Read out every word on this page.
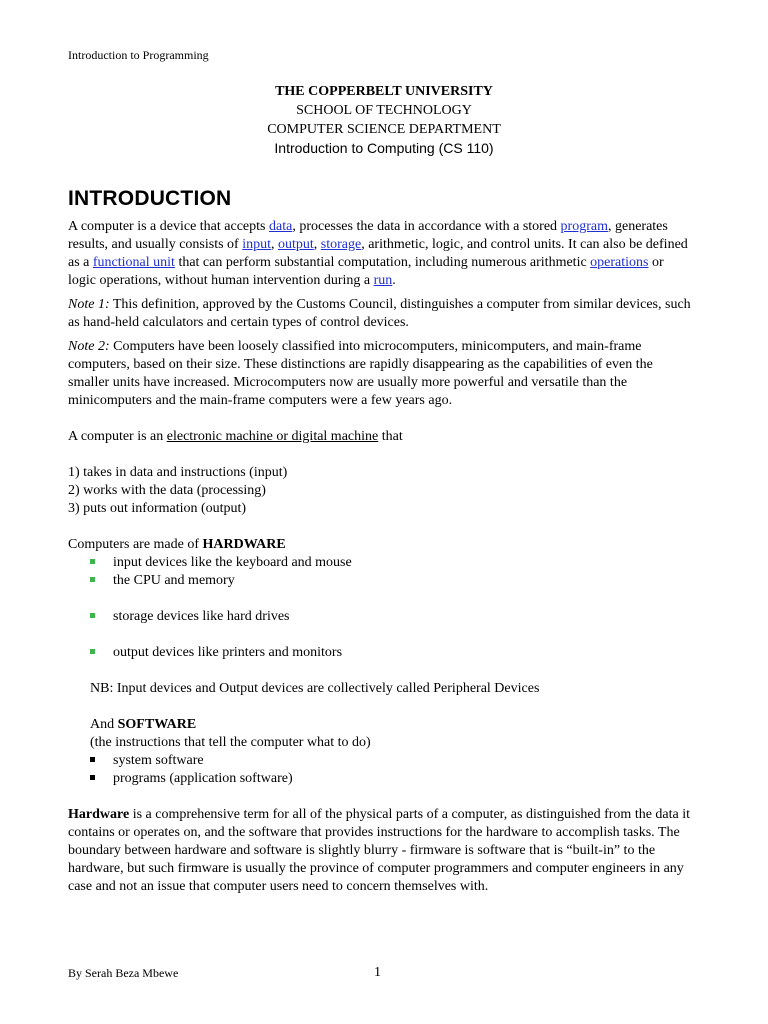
Introduction to Programming
THE COPPERBELT UNIVERSITY
SCHOOL OF TECHNOLOGY
COMPUTER SCIENCE DEPARTMENT
Introduction to Computing (CS 110)
INTRODUCTION

A computer is a device that accepts data, processes the data in accordance with a stored program, generates results, and usually consists of input, output, storage, arithmetic, logic, and control units. It can also be defined as a functional unit that can perform substantial computation, including numerous arithmetic operations or logic operations, without human intervention during a run.

Note 1: This definition, approved by the Customs Council, distinguishes a computer from similar devices, such as hand-held calculators and certain types of control devices.

Note 2: Computers have been loosely classified into microcomputers, minicomputers, and main-frame computers, based on their size. These distinctions are rapidly disappearing as the capabilities of even the smaller units have increased. Microcomputers now are usually more powerful and versatile than the minicomputers and the main-frame computers were a few years ago.

A computer is an electronic machine or digital machine that

1) takes in data and instructions (input)

2) works with the data (processing)

3) puts out information (output)

Computers are made of HARDWARE

input devices like the keyboard and mouse
the CPU and memory
storage devices like hard drives
output devices like printers and monitors

NB: Input devices and Output devices are collectively called Peripheral Devices

And SOFTWARE

(the instructions that tell the computer what to do)

system software
programs (application software)

Hardware is a comprehensive term for all of the physical parts of a computer, as distinguished from the data it contains or operates on, and the software that provides instructions for the hardware to accomplish tasks. The boundary between hardware and software is slightly blurry - firmware is software that is “built-in” to the hardware, but such firmware is usually the province of computer programmers and computer engineers in any case and not an issue that computer users need to concern themselves with.

By Serah Beza Mbewe	1
